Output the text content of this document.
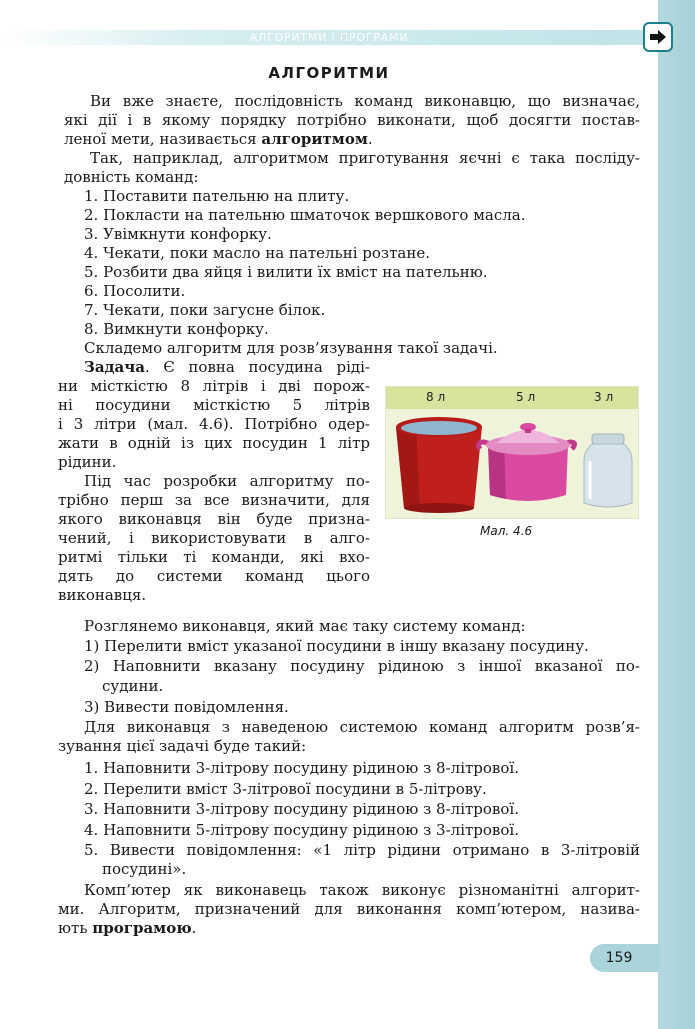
АЛГОРИТМИ І ПРОГРАМИ
АЛГОРИТМИ
Ви вже знаєте, послідовність команд виконавцю, що визначає,
які дії і в якому порядку потрібно виконати, щоб досягти постав-
леної мети, називається алгоритмом.
Так, наприклад, алгоритмом приготування яєчні є така посліду-
довність команд:
1. Поставити пательню на плиту.
2. Покласти на пательню шматочок вершкового масла.
3. Увімкнути конфорку.
4. Чекати, поки масло на пательні розтане.
5. Розбити два яйця і вилити їх вміст на пательню.
6. Посолити.
7. Чекати, поки загусне білок.
8. Вимкнути конфорку.
Складемо алгоритм для розв’язування такої задачі.
Задача. Є повна посудина рідi-
ни місткістю 8 літрів і дві порож-
ні посудини місткістю 5 літрів
і 3 літри (мал. 4.6). Потрібно одер-
жати в одній із цих посудин 1 літр
рідини.
Під час розробки алгоритму по-
трібно перш за все визначити, для
якого виконавця він буде призна-
чений, і використовувати в алго-
ритмі тільки ті команди, які вхо-
дять до системи команд цього
виконавця.
8 л	5 л	3 л
Мал. 4.6
Розглянемо виконавця, який має таку систему команд:
1) Перелити вміст указаної посудини в іншу вказану посудину.
2) Наповнити вказану посудину рідиною з іншої вказаної по-
судини.
3) Вивести повідомлення.
Для виконавця з наведеною системою команд алгоритм розв’я-
зування цієї задачі буде такий:
1. Наповнити 3-літрову посудину рідиною з 8-літрової.
2. Перелити вміст 3-літрової посудини в 5-літрову.
3. Наповнити 3-літрову посудину рідиною з 8-літрової.
4. Наповнити 5-літрову посудину рідиною з 3-літрової.
5. Вивести повідомлення: «1 літр рідини отримано в 3-літровій
посудині».
Комп’ютер як виконавець також виконує різноманітні алгорит-
ми. Алгоритм, призначений для виконання комп’ютером, назива-
ють програмою.
159
